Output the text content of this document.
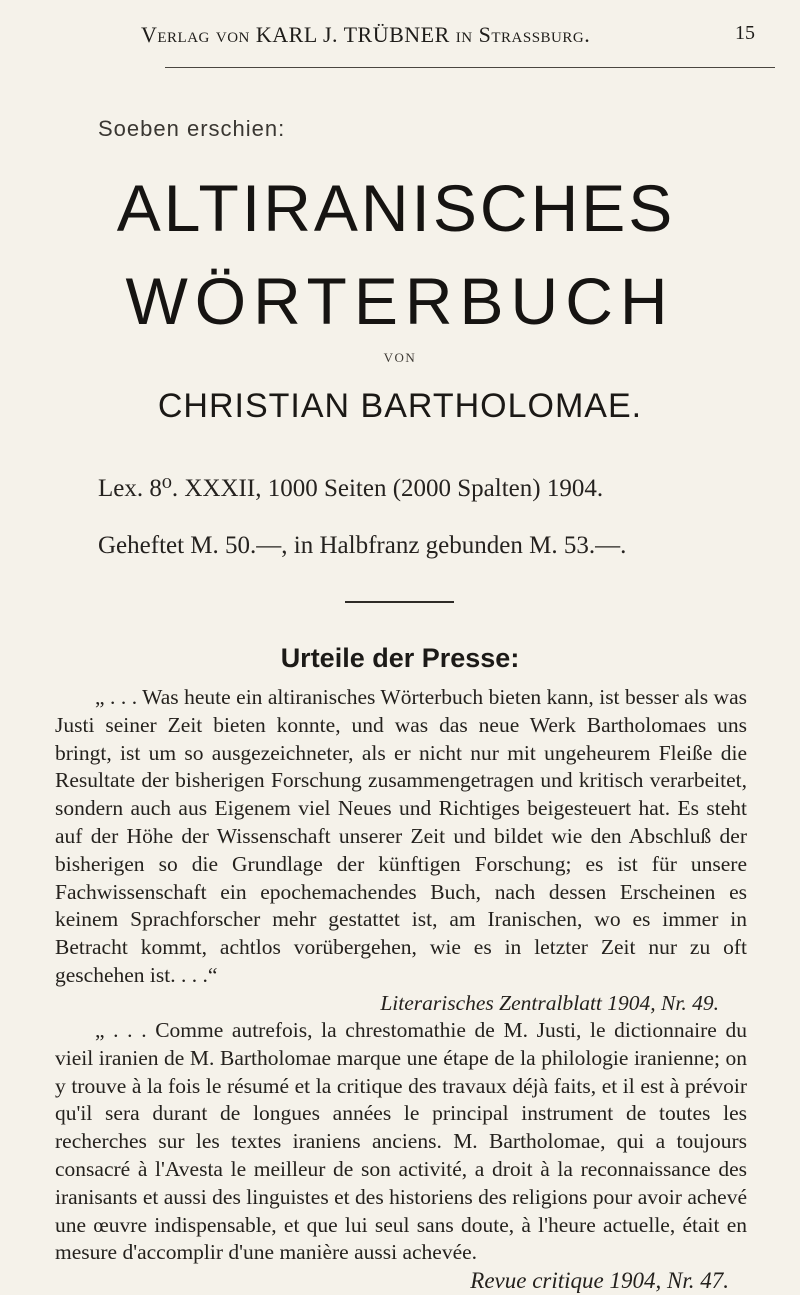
Verlag von KARL J. TRÜBNER in Strassburg.	15
Soeben erschien:
ALTIRANISCHES
WÖRTERBUCH
VON
CHRISTIAN BARTHOLOMAE.
Lex. 8⁰. XXXII, 1000 Seiten (2000 Spalten) 1904.
Geheftet M. 50.—, in Halbfranz gebunden M. 53.—.
Urteile der Presse:

„ . . . Was heute ein altiranisches Wörterbuch bieten kann, ist besser als was Justi seiner Zeit bieten konnte, und was das neue Werk Bartholomaes uns bringt, ist um so ausgezeichneter, als er nicht nur mit ungeheurem Fleiße die Resultate der bisherigen Forschung zusammengetragen und kritisch verarbeitet, sondern auch aus Eigenem viel Neues und Richtiges beigesteuert hat. Es steht auf der Höhe der Wissenschaft unserer Zeit und bildet wie den Abschluß der bisherigen so die Grundlage der künftigen Forschung; es ist für unsere Fachwissenschaft ein epochemachendes Buch, nach dessen Erscheinen es keinem Sprachforscher mehr gestattet ist, am Iranischen, wo es immer in Betracht kommt, achtlos vorübergehen, wie es in letzter Zeit nur zu oft geschehen ist. . . .“

Literarisches Zentralblatt 1904, Nr. 49.

„ . . . Comme autrefois, la chrestomathie de M. Justi, le dictionnaire du vieil iranien de M. Bartholomae marque une étape de la philologie iranienne; on y trouve à la fois le résumé et la critique des travaux déjà faits, et il est à prévoir qu'il sera durant de longues années le principal instrument de toutes les recherches sur les textes iraniens anciens. M. Bartholomae, qui a toujours consacré à l'Avesta le meilleur de son activité, a droit à la reconnaissance des iranisants et aussi des linguistes et des historiens des religions pour avoir achevé une œuvre indispensable, et que lui seul sans doute, à l'heure actuelle, était en mesure d'accomplir d'une manière aussi achevée.

Revue critique 1904, Nr. 47.
